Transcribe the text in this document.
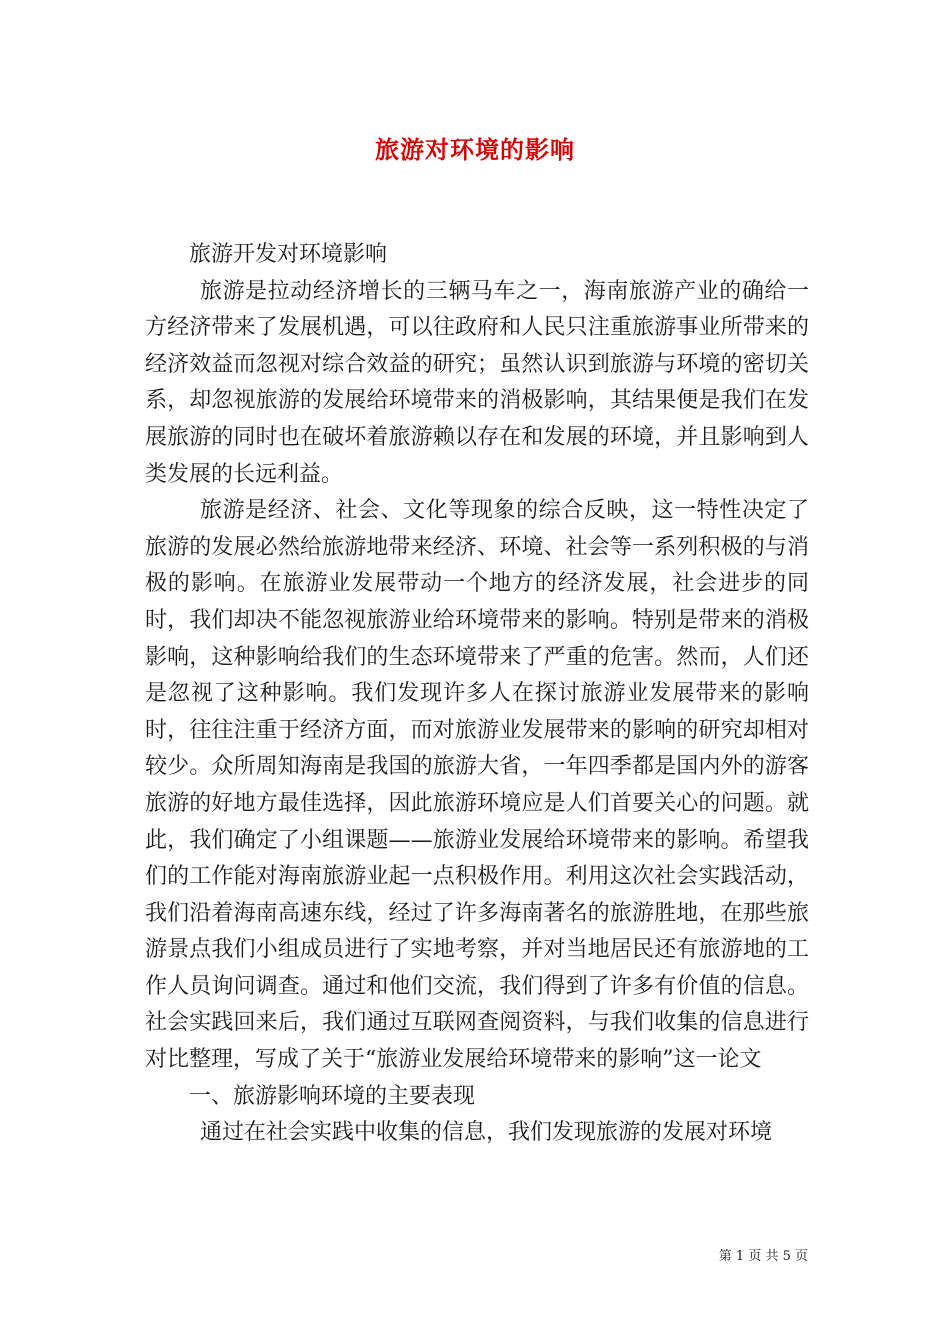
旅游对环境的影响

旅游开发对环境影响

旅游是拉动经济增长的三辆马车之一，海南旅游产业的确给一方经济带来了发展机遇，可以往政府和人民只注重旅游事业所带来的经济效益而忽视对综合效益的研究；虽然认识到旅游与环境的密切关系，却忽视旅游的发展给环境带来的消极影响，其结果便是我们在发展旅游的同时也在破坏着旅游赖以存在和发展的环境，并且影响到人类发展的长远利益。

旅游是经济、社会、文化等现象的综合反映，这一特性决定了旅游的发展必然给旅游地带来经济、环境、社会等一系列积极的与消极的影响。在旅游业发展带动一个地方的经济发展，社会进步的同时，我们却决不能忽视旅游业给环境带来的影响。特别是带来的消极影响，这种影响给我们的生态环境带来了严重的危害。然而，人们还是忽视了这种影响。我们发现许多人在探讨旅游业发展带来的影响时，往往注重于经济方面，而对旅游业发展带来的影响的研究却相对较少。众所周知海南是我国的旅游大省，一年四季都是国内外的游客旅游的好地方最佳选择，因此旅游环境应是人们首要关心的问题。就此，我们确定了小组课题——旅游业发展给环境带来的影响。希望我们的工作能对海南旅游业起一点积极作用。利用这次社会实践活动，我们沿着海南高速东线，经过了许多海南著名的旅游胜地，在那些旅游景点我们小组成员进行了实地考察，并对当地居民还有旅游地的工作人员询问调查。通过和他们交流，我们得到了许多有价值的信息。社会实践回来后，我们通过互联网查阅资料，与我们收集的信息进行对比整理，写成了关于“旅游业发展给环境带来的影响”这一论文

一、旅游影响环境的主要表现

通过在社会实践中收集的信息，我们发现旅游的发展对环境

第 1 页 共 5 页
